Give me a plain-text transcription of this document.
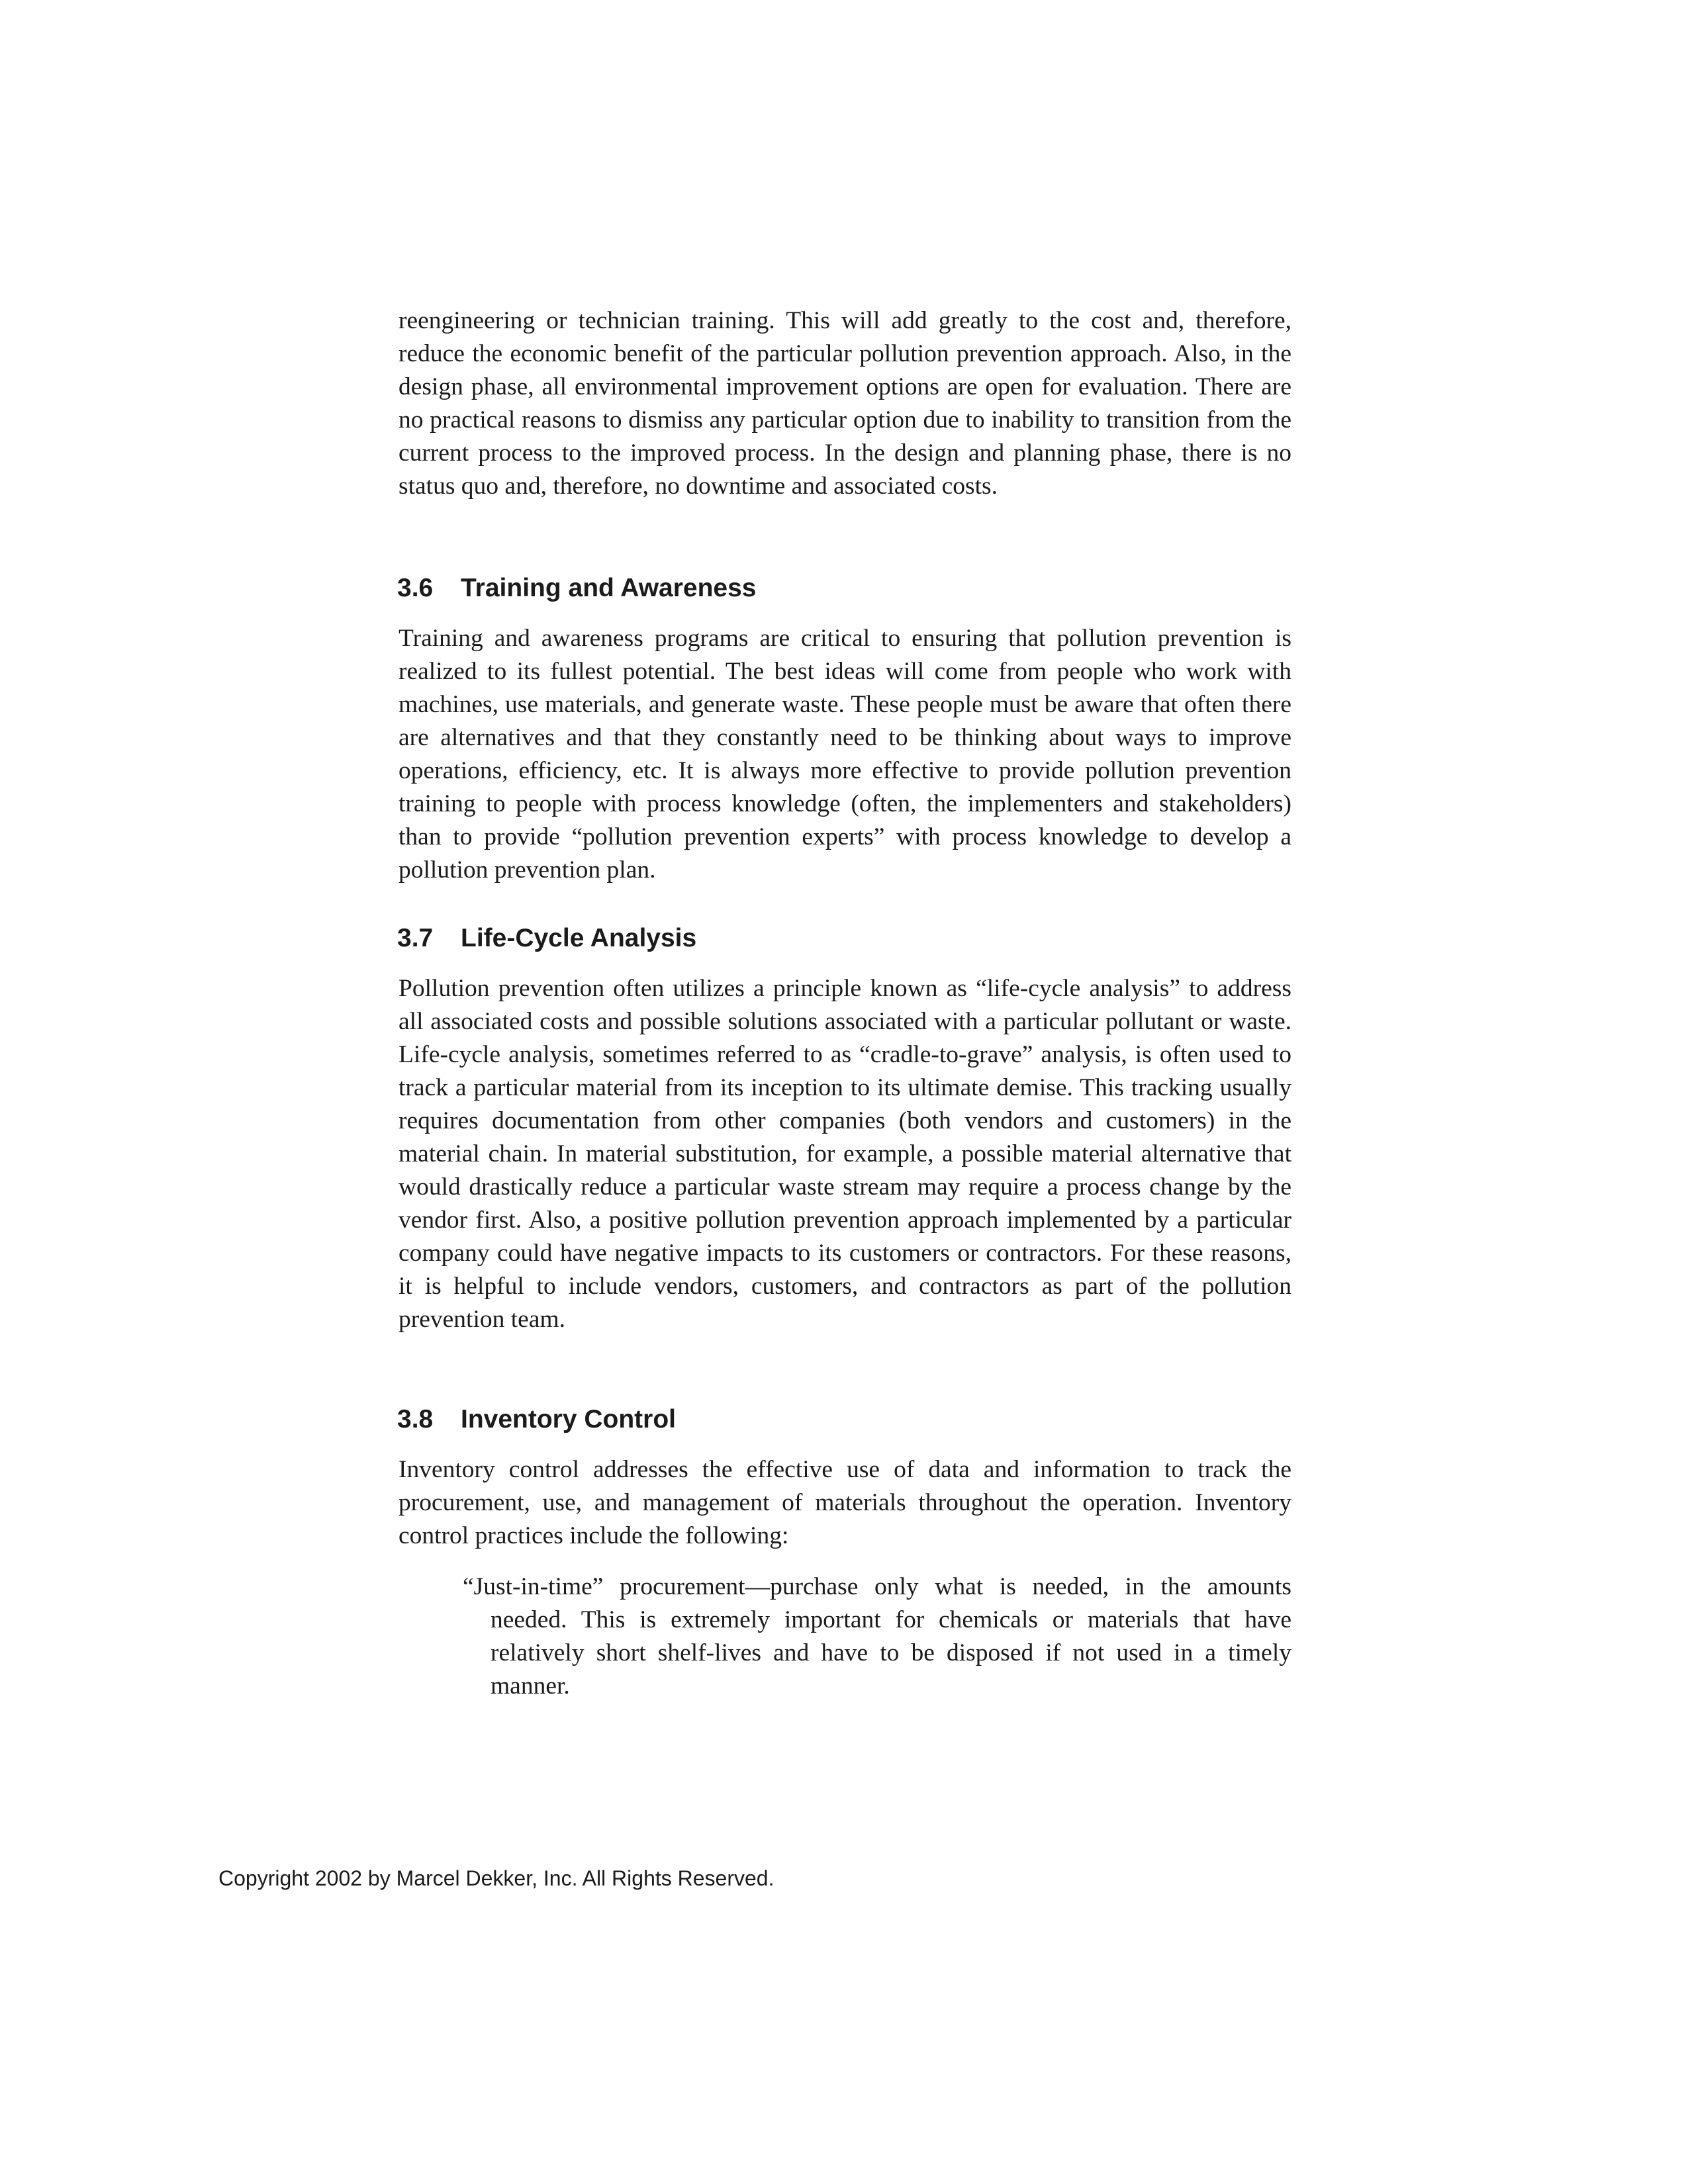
reengineering or technician training. This will add greatly to the cost and, therefore, reduce the economic benefit of the particular pollution prevention approach. Also, in the design phase, all environmental improvement options are open for evaluation. There are no practical reasons to dismiss any particular option due to inability to transition from the current process to the improved process. In the design and planning phase, there is no status quo and, therefore, no downtime and associated costs.

3.6 Training and Awareness

Training and awareness programs are critical to ensuring that pollution prevention is realized to its fullest potential. The best ideas will come from people who work with machines, use materials, and generate waste. These people must be aware that often there are alternatives and that they constantly need to be thinking about ways to improve operations, efficiency, etc. It is always more effective to provide pollution prevention training to people with process knowledge (often, the implementers and stakeholders) than to provide “pollution prevention experts” with process knowledge to develop a pollution prevention plan.

3.7 Life-Cycle Analysis

Pollution prevention often utilizes a principle known as “life-cycle analysis” to address all associated costs and possible solutions associated with a particular pollutant or waste. Life-cycle analysis, sometimes referred to as “cradle-to-grave” analysis, is often used to track a particular material from its inception to its ultimate demise. This tracking usually requires documentation from other companies (both vendors and customers) in the material chain. In material substitution, for example, a possible material alternative that would drastically reduce a particular waste stream may require a process change by the vendor first. Also, a positive pollution prevention approach implemented by a particular company could have negative impacts to its customers or contractors. For these reasons, it is helpful to include vendors, customers, and contractors as part of the pollution prevention team.

3.8 Inventory Control

Inventory control addresses the effective use of data and information to track the procurement, use, and management of materials throughout the operation. Inventory control practices include the following:

“Just-in-time” procurement—purchase only what is needed, in the amounts needed. This is extremely important for chemicals or materials that have relatively short shelf-lives and have to be disposed if not used in a timely manner.

Copyright 2002 by Marcel Dekker, Inc. All Rights Reserved.
